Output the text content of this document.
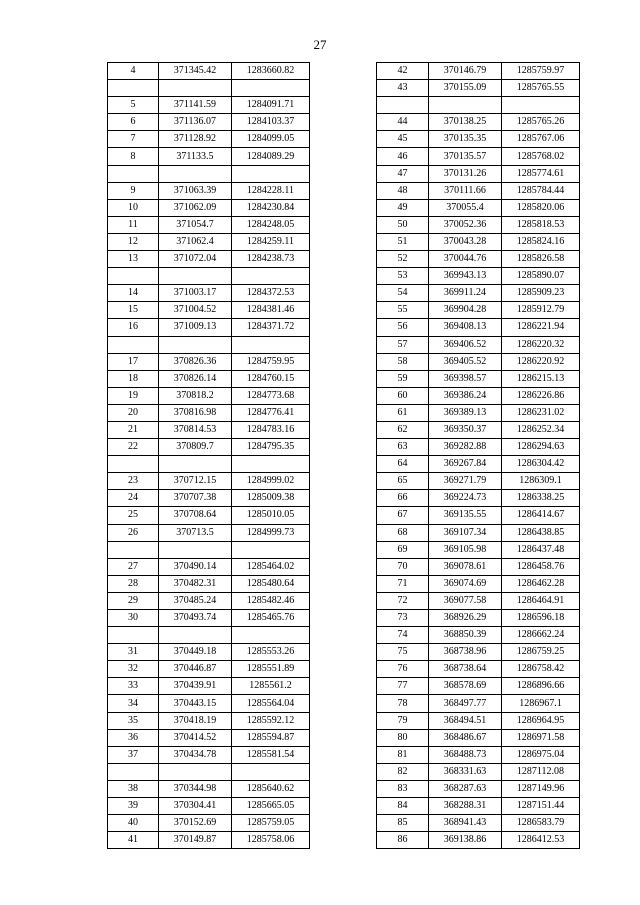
27
4	371345.42	1283660.82

5	371141.59	1284091.71
6	371136.07	1284103.37
7	371128.92	1284099.05
8	371133.5	1284089.29

9	371063.39	1284228.11
10	371062.09	1284230.84
11	371054.7	1284248.05
12	371062.4	1284259.11
13	371072.04	1284238.73

14	371003.17	1284372.53
15	371004.52	1284381.46
16	371009.13	1284371.72

17	370826.36	1284759.95
18	370826.14	1284760.15
19	370818.2	1284773.68
20	370816.98	1284776.41
21	370814.53	1284783.16
22	370809.7	1284795.35

23	370712.15	1284999.02
24	370707.38	1285009.38
25	370708.64	1285010.05
26	370713.5	1284999.73

27	370490.14	1285464.02
28	370482.31	1285480.64
29	370485.24	1285482.46
30	370493.74	1285465.76

31	370449.18	1285553.26
32	370446.87	1285551.89
33	370439.91	1285561.2
34	370443.15	1285564.04
35	370418.19	1285592.12
36	370414.52	1285594.87
37	370434.78	1285581.54

38	370344.98	1285640.62
39	370304.41	1285665.05
40	370152.69	1285759.05
41	370149.87	1285758.06
42	370146.79	1285759.97
43	370155.09	1285765.55

44	370138.25	1285765.26
45	370135.35	1285767.06
46	370135.57	1285768.02
47	370131.26	1285774.61
48	370111.66	1285784.44
49	370055.4	1285820.06
50	370052.36	1285818.53
51	370043.28	1285824.16
52	370044.76	1285826.58
53	369943.13	1285890.07
54	369911.24	1285909.23
55	369904.28	1285912.79
56	369408.13	1286221.94
57	369406.52	1286220.32
58	369405.52	1286220.92
59	369398.57	1286215.13
60	369386.24	1286226.86
61	369389.13	1286231.02
62	369350.37	1286252.34
63	369282.88	1286294.63
64	369267.84	1286304.42
65	369271.79	1286309.1
66	369224.73	1286338.25
67	369135.55	1286414.67
68	369107.34	1286438.85
69	369105.98	1286437.48
70	369078.61	1286458.76
71	369074.69	1286462.28
72	369077.58	1286464.91
73	368926.29	1286596.18
74	368850.39	1286662.24
75	368738.96	1286759.25
76	368738.64	1286758.42
77	368578.69	1286896.66
78	368497.77	1286967.1
79	368494.51	1286964.95
80	368486.67	1286971.58
81	368488.73	1286975.04
82	368331.63	1287112.08
83	368287.63	1287149.96
84	368288.31	1287151.44
85	368941.43	1286583.79
86	369138.86	1286412.53
